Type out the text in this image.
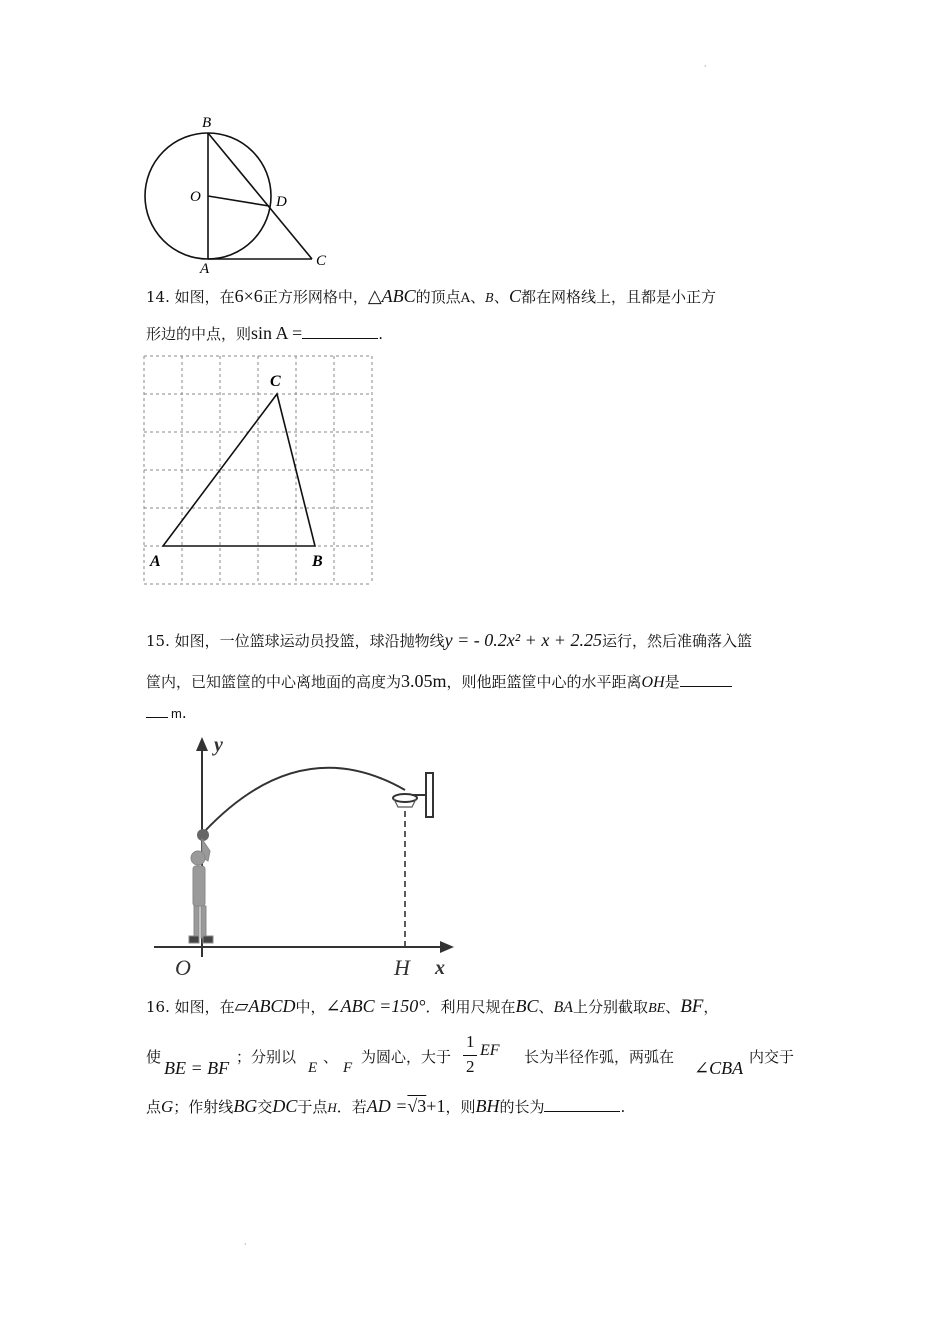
·
·
B
O	D
A	C
14. 如图，在6×6正方形网格中，△ABC的顶点A、B、C都在网格线上，且都是小正方
形边的中点，则sin A =	.
C
A	B
15. 如图，一位篮球运动员投篮，球沿抛物线y = - 0.2x² + x + 2.25运行，然后准确落入篮
筐内，已知篮筐的中心离地面的高度为3.05m，则他距篮筐中心的水平距离OH是
m.
y
x
O	H
16. 如图，在▱ABCD中，∠ABC =150°．利用尺规在BC、BA上分别截取BE、BF，
使
BE = BF
；分别以
E
、
F
为圆心，大于
1
2
EF 长为半径作弧，两弧在
∠CBA
内交于
点G；作射线BG交DC于点H．若AD =√3+1，则BH的长为	.
